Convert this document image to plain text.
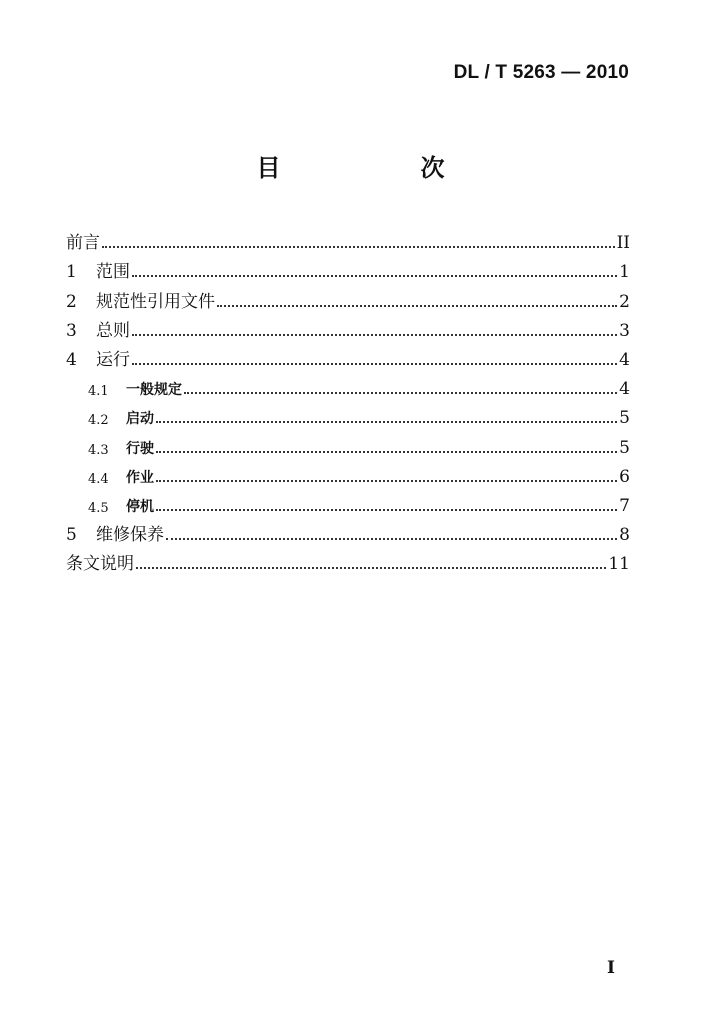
DL / T 5263 — 2010
目　次
前言	II
1	范围	1
2	规范性引用文件	2
3	总则	3
4	运行	4
4.1	一般规定	4
4.2	启动	5
4.3	行驶	5
4.4	作业	6
4.5	停机	7
5	维修保养	8
条文说明	11
I
